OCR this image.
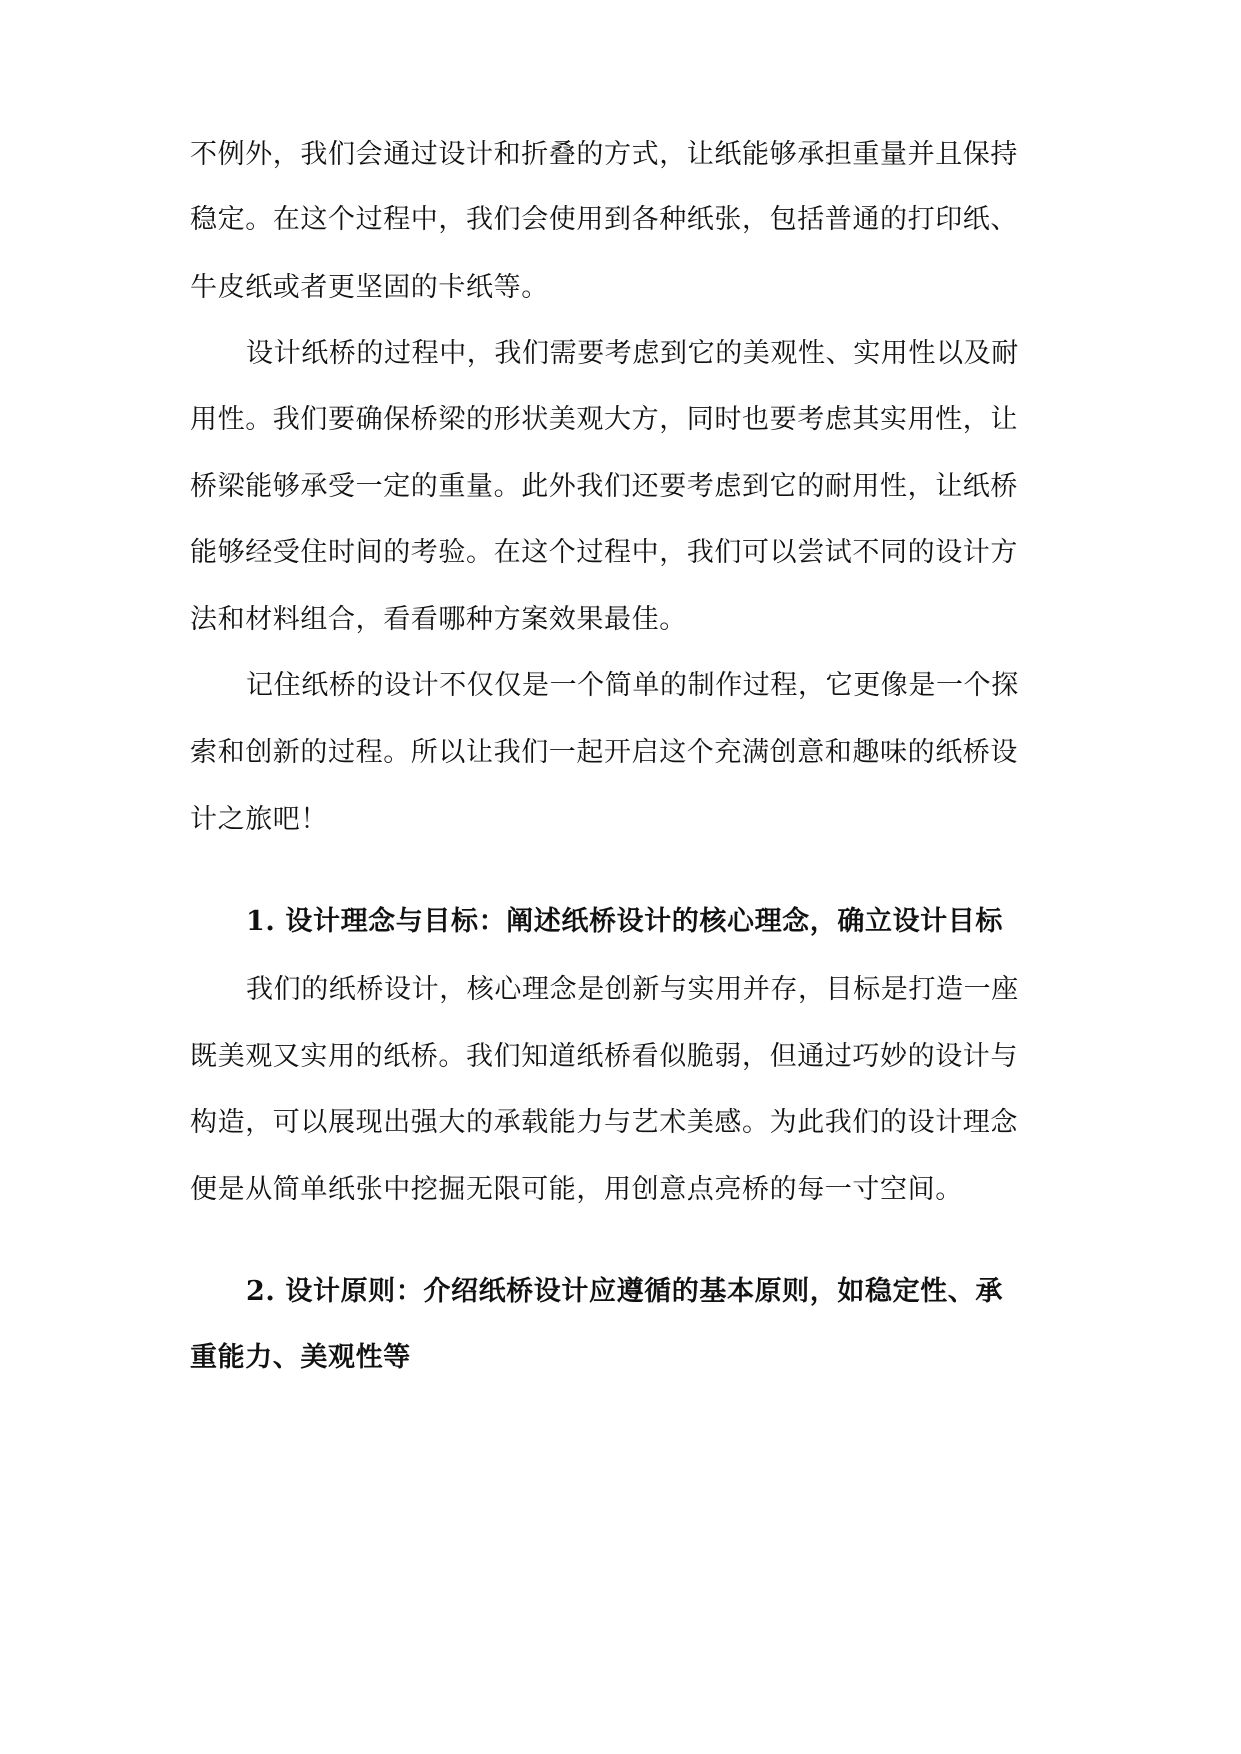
不例外，我们会通过设计和折叠的方式，让纸能够承担重量并且保持
稳定。在这个过程中，我们会使用到各种纸张，包括普通的打印纸、
牛皮纸或者更坚固的卡纸等。
设计纸桥的过程中，我们需要考虑到它的美观性、实用性以及耐
用性。我们要确保桥梁的形状美观大方，同时也要考虑其实用性，让
桥梁能够承受一定的重量。此外我们还要考虑到它的耐用性，让纸桥
能够经受住时间的考验。在这个过程中，我们可以尝试不同的设计方
法和材料组合，看看哪种方案效果最佳。
记住纸桥的设计不仅仅是一个简单的制作过程，它更像是一个探
索和创新的过程。所以让我们一起开启这个充满创意和趣味的纸桥设
计之旅吧！
1. 设计理念与目标：阐述纸桥设计的核心理念，确立设计目标
我们的纸桥设计，核心理念是创新与实用并存，目标是打造一座
既美观又实用的纸桥。我们知道纸桥看似脆弱，但通过巧妙的设计与
构造，可以展现出强大的承载能力与艺术美感。为此我们的设计理念
便是从简单纸张中挖掘无限可能，用创意点亮桥的每一寸空间。
2. 设计原则：介绍纸桥设计应遵循的基本原则，如稳定性、承
重能力、美观性等
